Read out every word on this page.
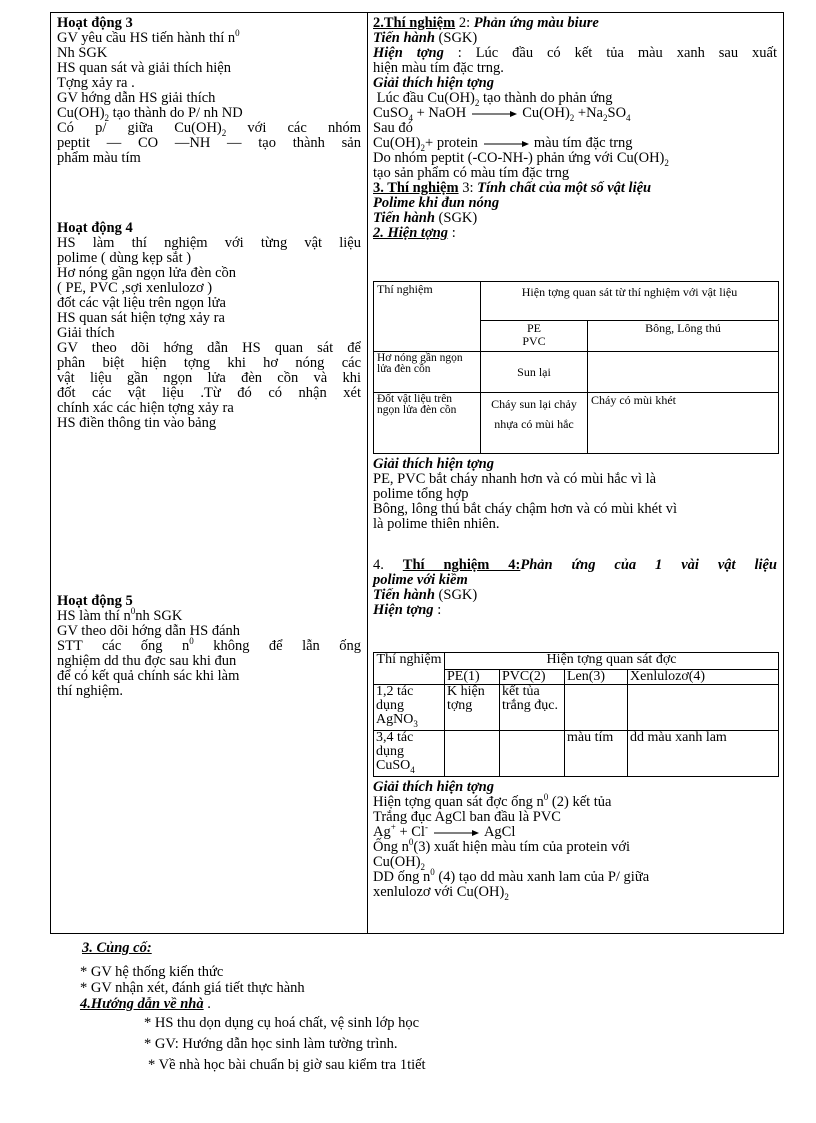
Hoạt động 3
GV yêu cầu HS tiến hành thí $n^0$
Nh SGK
HS quan sát và giải thích hiện
Tợng xảy ra .
GV hớng dẫn HS giải thích
$Cu(OH)_2$ tạo thành do P/ nh ND
Có p/ giữa $Cu(OH)_2$ với các nhóm
peptit — CO —NH — tạo thành sản
phẩm màu tím
Hoạt động 4
HS làm thí nghiệm với từng vật liệu
polime ( dùng kẹp sắt )
Hơ nóng gần ngọn lửa đèn cồn
( PE, PVC ,sợi xenlulozơ )
đốt các vật liệu trên ngọn lửa
HS quan sát hiện tợng xảy ra
Giải thích
GV theo dõi hớng dẫn HS quan sát để
phân biệt hiện tợng khi hơ nóng các
vật liệu gần ngọn lửa đèn cồn và khi
đốt các vật liệu .Từ đó có nhận xét
chính xác các hiện tợng xảy ra
HS điền thông tin vào bảng
Hoạt động 5
HS làm thí $n^0nh$ SGK
GV theo dõi hớng dẫn HS đánh
STT các ống $n^0$ không để lẫn ống
nghiệm dd thu đợc sau khi đun
để có kết quả chính sác khi làm
thí nghiệm.
2.Thí nghiệm 2: Phản ứng màu biure
Tiến hành (SGK)
Hiện tợng : Lúc đầu có kết tủa màu xanh sau xuất
hiện màu tím đặc trng.
Giải thích hiện tợng
Lúc đầu $Cu(OH)_2$ tạo thành do phản ứng
CuSO$_4$ + NaOH → $Cu(OH)_2 +Na_2SO_4$
Sau đó
$Cu(OH)_2+$ protein → màu tím đặc trng
Do nhóm peptit (-CO-NH-) phản ứng với $Cu(OH)_2$
tạo sản phẩm có màu tím đặc trng
3. Thí nghiệm 3: Tính chất của một số vật liệu
Polime khi đun nóng
Tiến hành (SGK)
2. Hiện tợng :
Thí nghiệm	Hiện tợng quan sát từ thí nghiệm với vật liệu	
	PE
PVC	Bông, Lông thú
Hơ nóng gần ngọn lửa đèn cồn	Sun lại	
Đốt vật liệu trên ngọn lửa đèn cồn	Cháy sun lại chảy nhựa có mùi hắc	Cháy có mùi khét
Giải thích hiện tợng
PE, PVC bắt cháy nhanh hơn và có mùi hắc vì là
polime tổng hợp
Bông, lông thú bắt cháy chậm hơn và có mùi khét vì
là polime thiên nhiên.
4. Thí nghiệm 4:Phản ứng của 1 vài vật liệu
polime với kiềm
Tiến hành (SGK)
Hiện tợng :
Thí nghiệm	Hiện tợng quan sát đợc			
	PE(1)	PVC(2)	Len(3)	Xenlulozơ(4)
1,2 tác dụng AgNO$_3$	K hiện tợng	kết tủa trắng đục.		
3,4 tác dụng CuSO$_4$			màu tím	dd màu xanh lam
Giải thích hiện tợng
Hiện tợng quan sát đợc ống $n^0$ (2) kết tủa
Trắng đục AgCl ban đầu là PVC
Ag+ + Cl- → AgCl
Ống $n^0(3)$ xuất hiện màu tím của protein với
$Cu(OH)_2$
DD ống $n^0$ (4) tạo dd màu xanh lam của P/ giữa
xenlulozơ với $Cu(OH)_2$
3. Củng cố:
* GV hệ thống kiến thức
* GV nhận xét, đánh giá tiết thực hành
4.Hướng dẫn về nhà .
* HS thu dọn dụng cụ hoá chất, vệ sinh lớp học
* GV: Hướng dẫn học sinh làm tường trình.
* Về nhà học bài chuẩn bị giờ sau kiểm tra 1tiết
